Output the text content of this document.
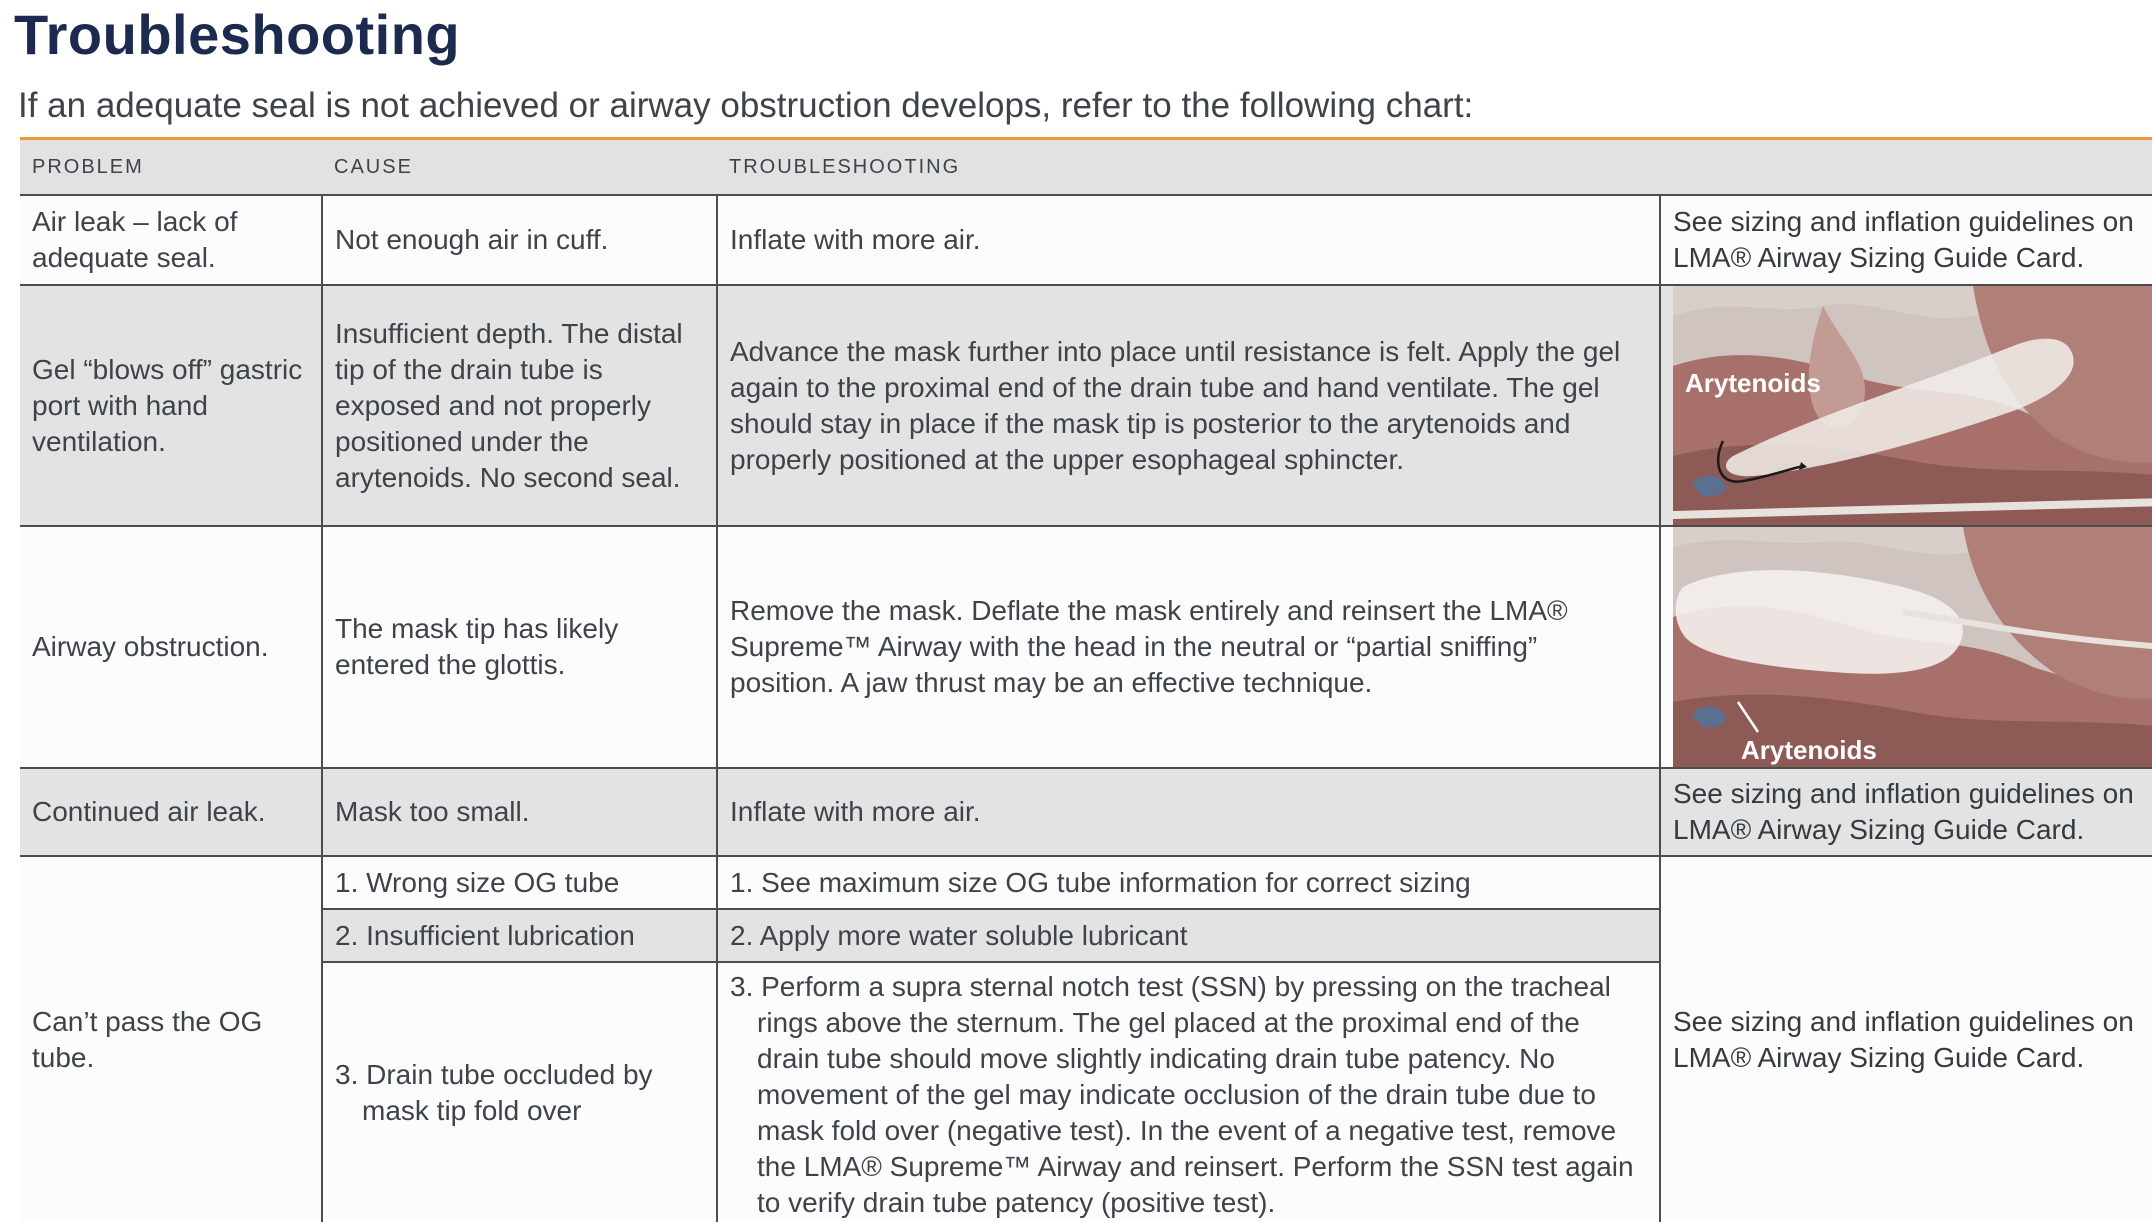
Troubleshooting

If an adequate seal is not achieved or airway obstruction develops, refer to the following chart:

PROBLEM	CAUSE	TROUBLESHOOTING	
Air leak – lack of adequate seal.	Not enough air in cuff.	Inflate with more air.	See sizing and inflation guidelines on LMA® Airway Sizing Guide Card.
Gel “blows off” gastric port with hand ventilation.	Insufficient depth. The distal tip of the drain tube is exposed and not properly positioned under the arytenoids. No second seal.	Advance the mask further into place until resistance is felt. Apply the gel again to the proximal end of the drain tube and hand ventilate. The gel should stay in place if the mask tip is posterior to the arytenoids and properly positioned at the upper esophageal sphincter.	Arytenoids

Airway obstruction.	The mask tip has likely entered the glottis.	Remove the mask. Deflate the mask entirely and reinsert the LMA® Supreme™ Airway with the head in the neutral or “partial sniffing” position. A jaw thrust may be an effective technique.	Arytenoids

Continued air leak.	Mask too small.	Inflate with more air.	See sizing and inflation guidelines on LMA® Airway Sizing Guide Card.
Can’t pass the OG tube.	1. Wrong size OG tube	1. See maximum size OG tube information for correct sizing	See sizing and inflation guidelines on LMA® Airway Sizing Guide Card.
	2. Insufficient lubrication	2. Apply more water soluble lubricant	

	3. Drain tube occluded by mask tip fold over	3. Perform a supra sternal notch test (SSN) by pressing on the tracheal rings above the sternum. The gel placed at the proximal end of the drain tube should move slightly indicating drain tube patency. No movement of the gel may indicate occlusion of the drain tube due to mask fold over (negative test). In the event of a negative test, remove the LMA® Supreme™ Airway and reinsert. Perform the SSN test again to verify drain tube patency (positive test).	
